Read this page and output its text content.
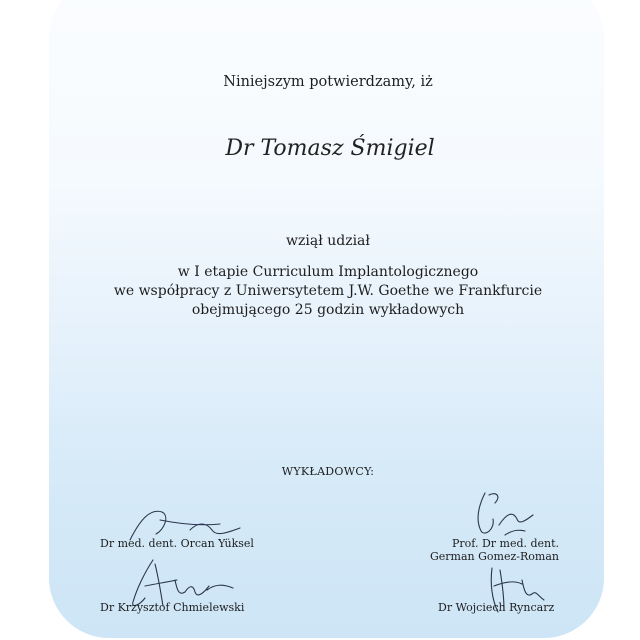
Niniejszym potwierdzamy, iż
Dr Tomasz Śmigiel
wziął udział
w I etapie Curriculum Implantologicznego
we współpracy z Uniwersytetem J.W. Goethe we Frankfurcie
obejmującego 25 godzin wykładowych
WYKŁADOWCY:
Dr med. dent. Orcan Yüksel	Prof. Dr med. dent.
German Gomez-Roman
Dr Krzysztof Chmielewski	Dr Wojciech Ryncarz
